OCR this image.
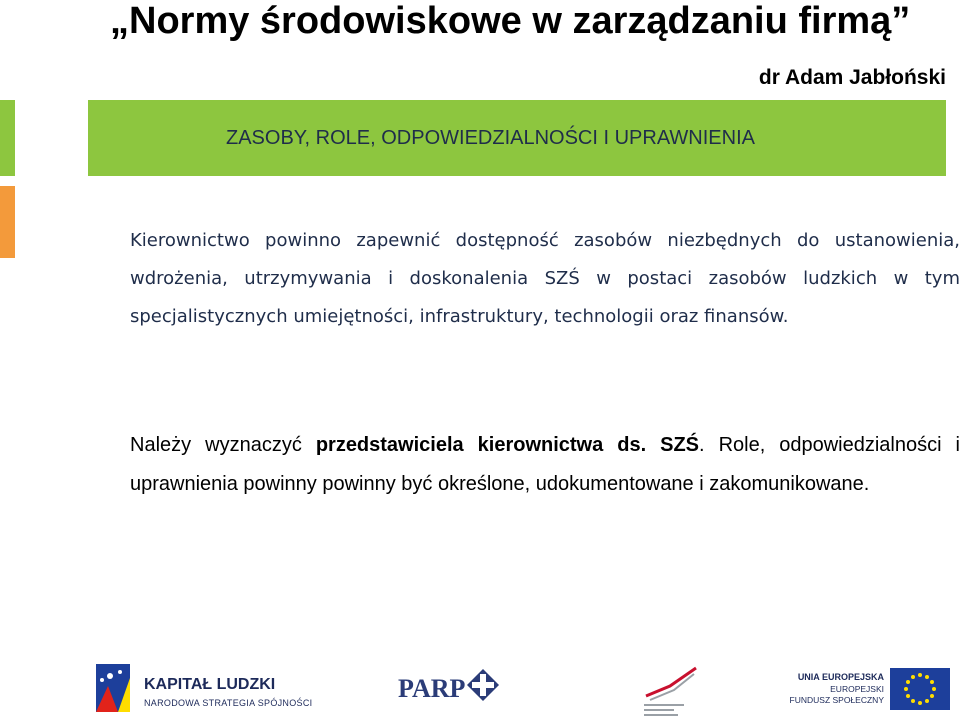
„Normy środowiskowe w zarządzaniu firmą”
dr Adam Jabłoński
ZASOBY, ROLE, ODPOWIEDZIALNOŚCI I UPRAWNIENIA

Kierownictwo powinno zapewnić dostępność zasobów niezbędnych do ustanowienia, wdrożenia, utrzymywania i doskonalenia SZŚ w postaci zasobów ludzkich w tym specjalistycznych umiejętności, infrastruktury, technologii oraz finansów.

Należy wyznaczyć przedstawiciela kierownictwa ds. SZŚ. Role, odpowiedzialności i uprawnienia powinny powinny być określone, udokumentowane i zakomunikowane.

KAPITAŁ LUDZKI
NARODOWA STRATEGIA SPÓJNOŚCI	PARP	UNIA EUROPEJSKA
EUROPEJSKI
FUNDUSZ SPOŁECZNY
